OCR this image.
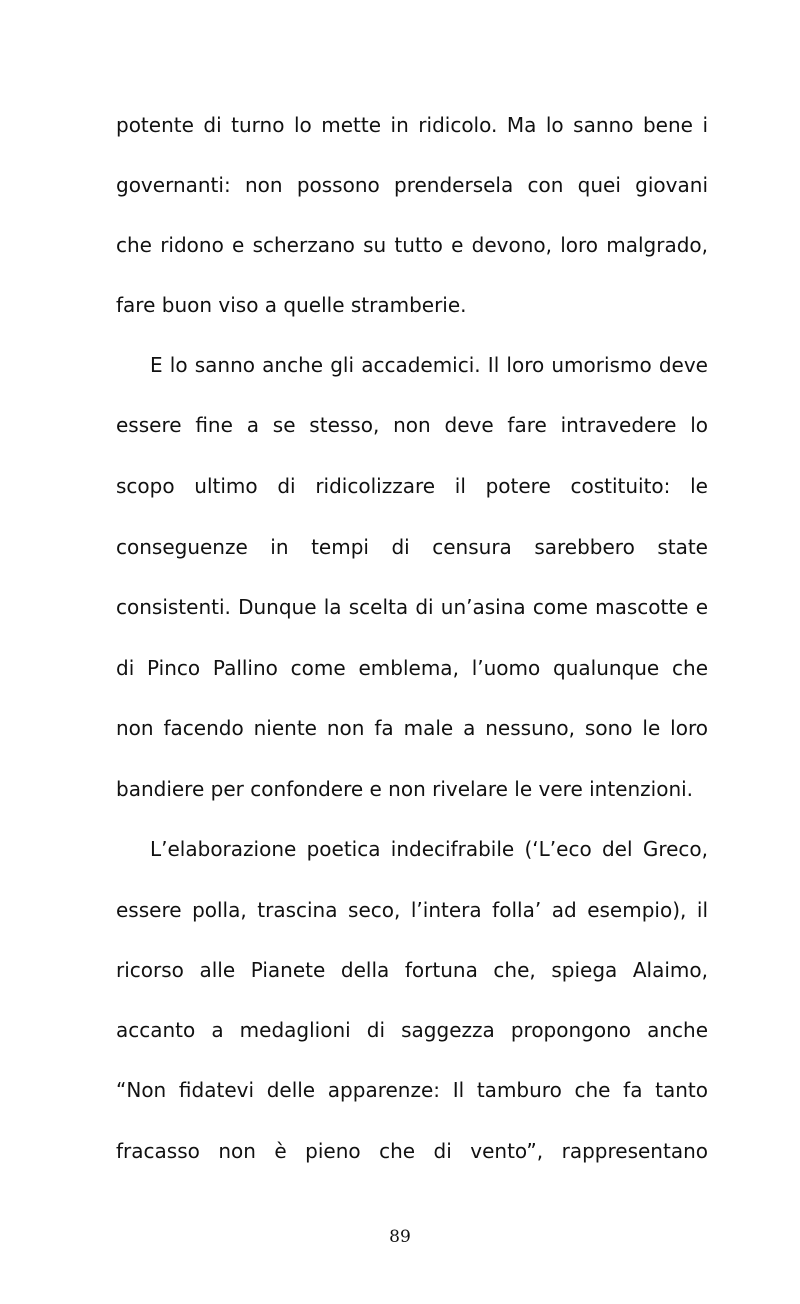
potente di turno lo mette in ridicolo. Ma lo sanno bene i
governanti: non possono prendersela con quei giovani
che ridono e scherzano su tutto e devono, loro malgrado,
fare buon viso a quelle stramberie.
E lo sanno anche gli accademici. Il loro umorismo deve
essere fine a se stesso, non deve fare intravedere lo
scopo ultimo di ridicolizzare il potere costituito: le
conseguenze in tempi di censura sarebbero state
consistenti. Dunque la scelta di un’asina come mascotte e
di Pinco Pallino come emblema, l’uomo qualunque che
non facendo niente non fa male a nessuno, sono le loro
bandiere per confondere e non rivelare le vere intenzioni.
L’elaborazione poetica indecifrabile (‘L’eco del Greco,
essere polla, trascina seco, l’intera folla’ ad esempio), il
ricorso alle Pianete della fortuna che, spiega Alaimo,
accanto a medaglioni di saggezza propongono anche
“Non fidatevi delle apparenze: Il tamburo che fa tanto
fracasso non è pieno che di vento”, rappresentano
89
